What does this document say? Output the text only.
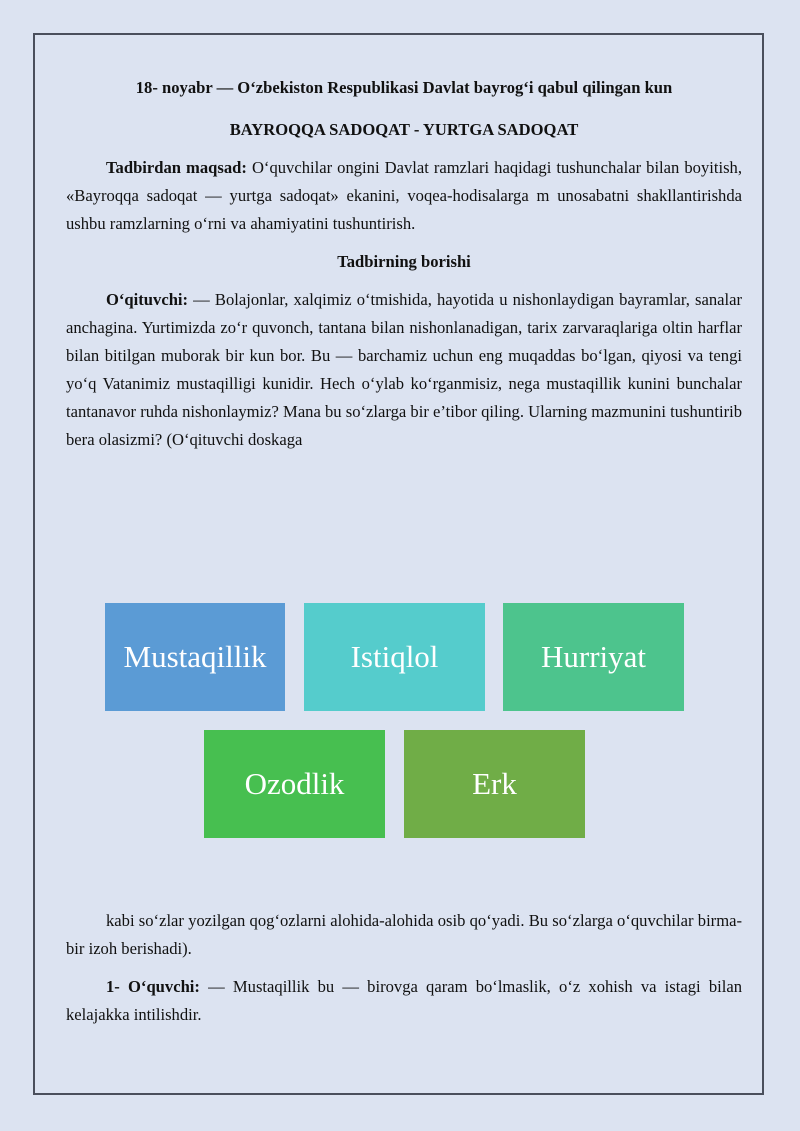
18- noyabr — O‘zbekiston Respublikasi Davlat bayrog‘i qabul qilingan kun

BAYROQQA SADOQAT - YURTGA SADOQAT

Tadbirdan maqsad: O‘quvchilar ongini Davlat ramzlari haqidagi tushunchalar bilan boyitish, «Bayroqqa sadoqat — yurtga sadoqat» ekanini, voqea-hodisalarga m unosabatni shakllantirishda ushbu ramzlarning o‘rni va ahamiyatini tushuntirish.

Tadbirning borishi

O‘qituvchi: — Bolajonlar, xalqimiz o‘tmishida, hayotida u nishonlaydigan bayramlar, sanalar anchagina. Yurtimizda zo‘r quvonch, tantana bilan nishonlanadigan, tarix zarvaraqlariga oltin harflar bilan bitilgan muborak bir kun bor. Bu — barchamiz uchun eng muqaddas bo‘lgan, qiyosi va tengi yo‘q Vatanimiz mustaqilligi kunidir. Hech o‘ylab ko‘rganmisiz, nega mustaqillik kunini bunchalar tantanavor ruhda nishonlaymiz? Mana bu so‘zlarga bir e’tibor qiling. Ularning mazmunini tushuntirib bera olasizmi? (O‘qituvchi doskaga

Mustaqillik	Istiqlol	Hurriyat
Ozodlik	Erk

kabi so‘zlar yozilgan qog‘ozlarni alohida-alohida osib qo‘yadi. Bu so‘zlarga o‘quvchilar birma-bir izoh berishadi).

1- O‘quvchi: — Mustaqillik bu — birovga qaram bo‘lmaslik, o‘z xohish va istagi bilan kelajakka intilishdir.
